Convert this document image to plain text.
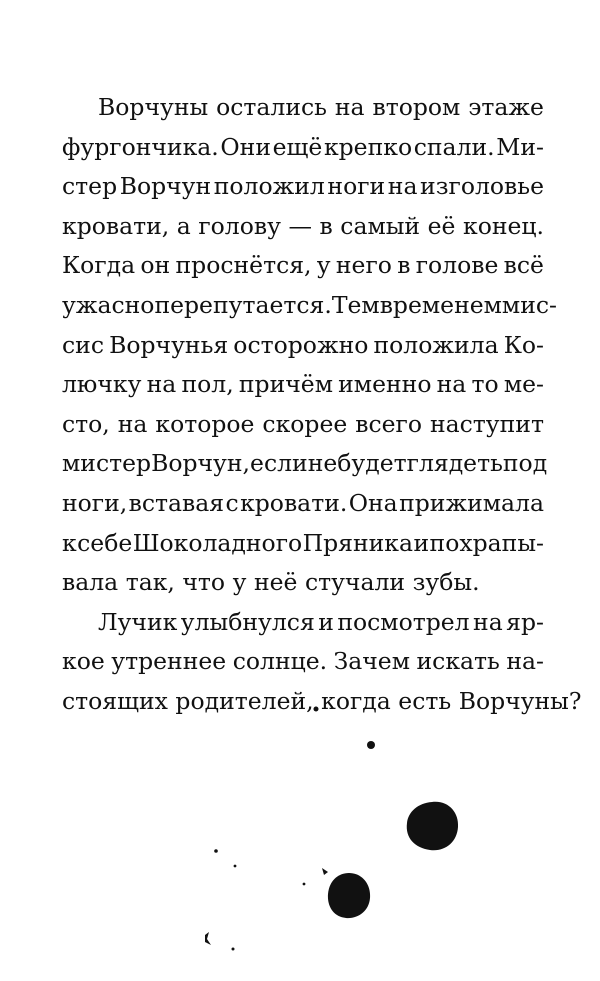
Ворчуны остались на втором этаже
фургончика. Они ещё крепко спали. Ми-
стер Ворчун положил ноги на изголовье
кровати, а голову — в самый её конец.
Когда он проснётся, у него в голове всё
ужасно перепутается. Тем временем мис-
сис Ворчунья осторожно положила Ко-
лючку на пол, причём именно на то ме-
сто, на которое скорее всего наступит
мистер Ворчун, если не будет глядеть под
ноги, вставая с кровати. Она прижимала
к себе Шоколадного Пряника и похрапы-
вала так, что у неё стучали зубы.
Лучик улыбнулся и посмотрел на яр-
кое утреннее солнце. Зачем искать на-
стоящих родителей, когда есть Ворчуны?
